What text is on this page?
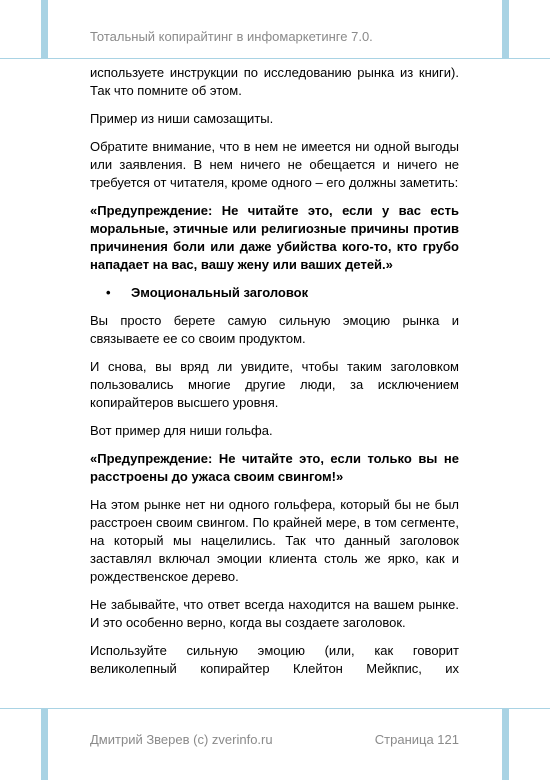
Тотальный копирайтинг в инфомаркетинге 7.0.

используете инструкции по исследованию рынка из книги). Так что помните об этом.

Пример из ниши самозащиты.

Обратите внимание, что в нем не имеется ни одной выгоды или заявления. В нем ничего не обещается и ничего не требуется от читателя, кроме одного – его должны заметить:

«Предупреждение: Не читайте это, если у вас есть моральные, этичные или религиозные причины против причинения боли или даже убийства кого-то, кто грубо нападает на вас, вашу жену или ваших детей.»

•	Эмоциональный заголовок

Вы просто берете самую сильную эмоцию рынка и связываете ее со своим продуктом.

И снова, вы вряд ли увидите, чтобы таким заголовком пользовались многие другие люди, за исключением копирайтеров высшего уровня.

Вот пример для ниши гольфа.

«Предупреждение: Не читайте это, если только вы не расстроены до ужаса своим свингом!»

На этом рынке нет ни одного гольфера, который бы не был расстроен своим свингом. По крайней мере, в том сегменте, на который мы нацелились. Так что данный заголовок заставлял включал эмоции клиента столь же ярко, как и рождественское дерево.

Не забывайте, что ответ всегда находится на вашем рынке. И это особенно верно, когда вы создаете заголовок.

Используйте сильную эмоцию (или, как говорит великолепный копирайтер Клейтон Мейкпис, их

Дмитрий Зверев (c) zverinfo.ru	Страница 121
